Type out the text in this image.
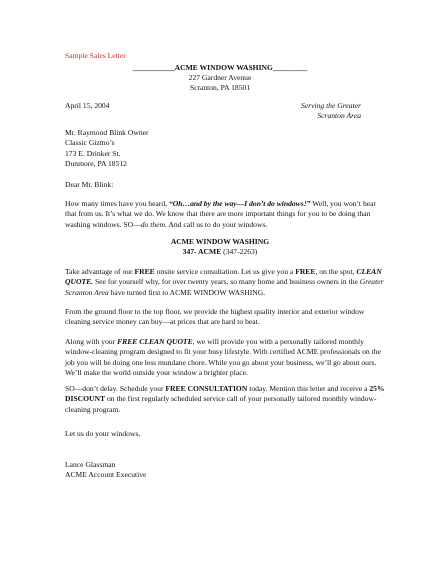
Sample Sales Letter
___________ACME WINDOW WASHING_________
227 Gardner Avenue
Scranton, PA 18501
April 15, 2004	Serving the Greater
Scranton Area
Mr. Raymond Blink Owner
Classic Gizmo’s
173 E. Drinker St.
Dunmore, PA 18512
Dear Mr. Blink:
How many times have you heard, “Oh…and by the way—I don’t do windows!” Well, you won’t hear that from us. It’s what we do. We know that there are more important things for you to be doing than washing windows. SO—do them. And call us to do your windows.
ACME WINDOW WASHING
347- ACME (347-2263)
Take advantage of our FREE onsite service consultation. Let us give you a FREE, on the spot, CLEAN QUOTE. See for yourself why, for over twenty years, so many home and business owners in the Greater Scranton Area have turned first to ACME WINDOW WASHING.
From the ground floor to the top floor, we provide the highest quality interior and exterior window cleaning service money can buy—at prices that are hard to beat.
Along with your FREE CLEAN QUOTE, we will provide you with a personally tailored monthly window-cleaning program designed to fit your busy lifestyle. With certified ACME professionals on the job you will be doing one less mundane chore. While you go about your business, we’ll go about ours. We’ll make the world outside your window a brighter place.
SO—don’t delay. Schedule your FREE CONSULTATION today. Mention this letter and receive a 25% DISCOUNT on the first regularly scheduled service call of your personally tailored monthly window-cleaning program.
Let us do your windows,
Lance Glassman
ACME Account Executive
